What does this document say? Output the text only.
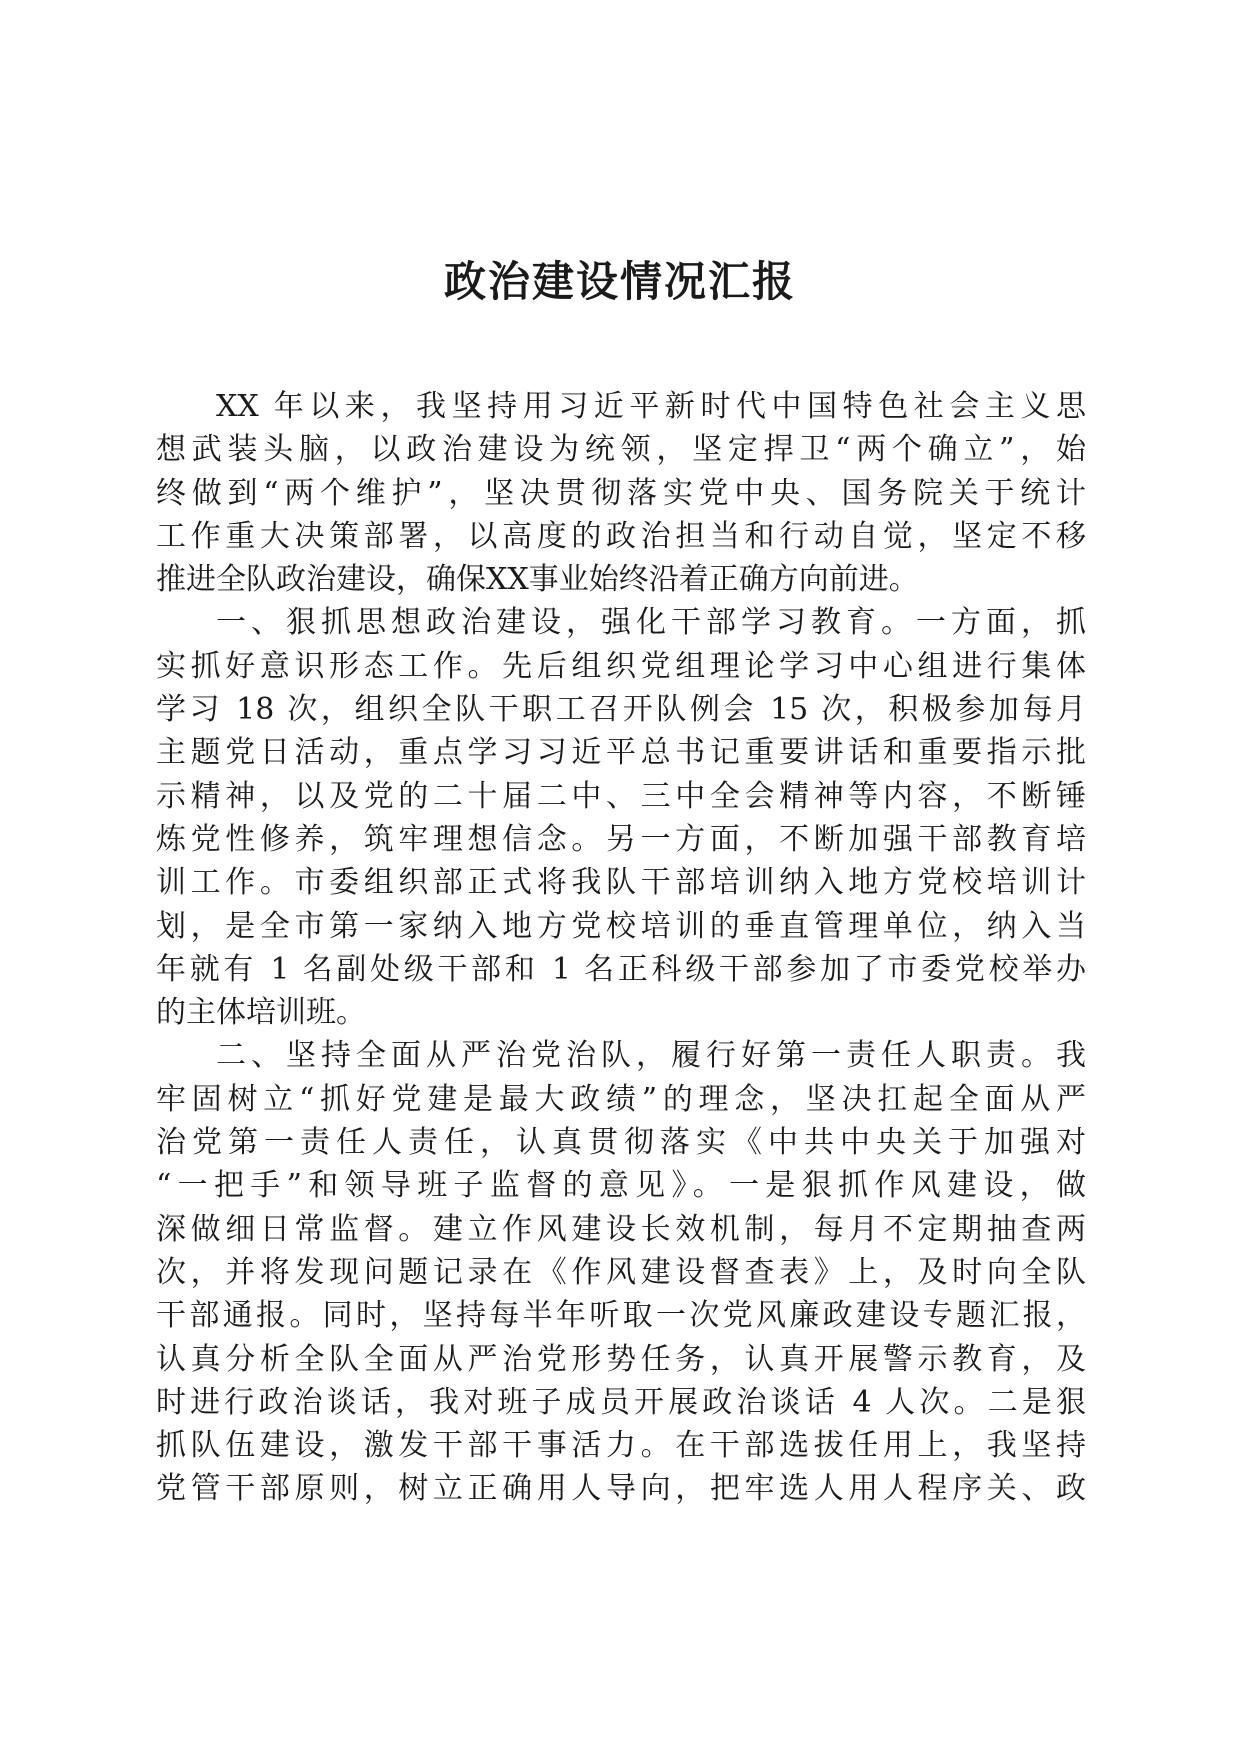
政治建设情况汇报
XX 年以来，我坚持用习近平新时代中国特色社会主义思
想武装头脑，以政治建设为统领，坚定捍卫“两个确立”，始
终做到“两个维护”，坚决贯彻落实党中央、国务院关于统计
工作重大决策部署，以高度的政治担当和行动自觉，坚定不移
推进全队政治建设，确保XX事业始终沿着正确方向前进。
一、狠抓思想政治建设，强化干部学习教育。一方面，抓
实抓好意识形态工作。先后组织党组理论学习中心组进行集体
学习 18 次，组织全队干职工召开队例会 15 次，积极参加每月
主题党日活动，重点学习习近平总书记重要讲话和重要指示批
示精神，以及党的二十届二中、三中全会精神等内容，不断锤
炼党性修养，筑牢理想信念。另一方面，不断加强干部教育培
训工作。市委组织部正式将我队干部培训纳入地方党校培训计
划，是全市第一家纳入地方党校培训的垂直管理单位，纳入当
年就有 1 名副处级干部和 1 名正科级干部参加了市委党校举办
的主体培训班。
二、坚持全面从严治党治队，履行好第一责任人职责。我
牢固树立“抓好党建是最大政绩”的理念，坚决扛起全面从严
治党第一责任人责任，认真贯彻落实《中共中央关于加强对
“一把手”和领导班子监督的意见》。一是狠抓作风建设，做
深做细日常监督。建立作风建设长效机制，每月不定期抽查两
次，并将发现问题记录在《作风建设督查表》上，及时向全队
干部通报。同时，坚持每半年听取一次党风廉政建设专题汇报，
认真分析全队全面从严治党形势任务，认真开展警示教育，及
时进行政治谈话，我对班子成员开展政治谈话 4 人次。二是狠
抓队伍建设，激发干部干事活力。在干部选拔任用上，我坚持
党管干部原则，树立正确用人导向，把牢选人用人程序关、政
